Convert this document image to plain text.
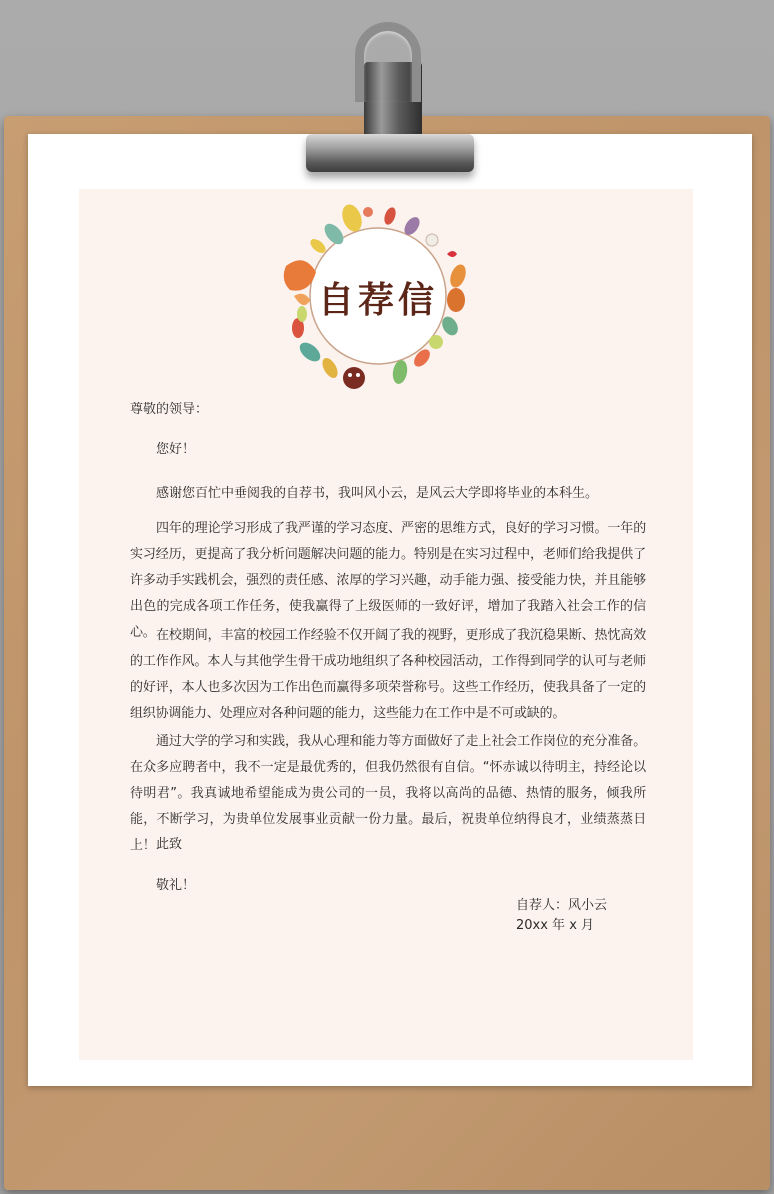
自荐信
尊敬的领导：
您好！
感谢您百忙中垂阅我的自荐书，我叫风小云，是风云大学即将毕业的本科生。
四年的理论学习形成了我严谨的学习态度、严密的思维方式，良好的学习习惯。一年的实习经历，更提高了我分析问题解决问题的能力。特别是在实习过程中，老师们给我提供了许多动手实践机会，强烈的责任感、浓厚的学习兴趣，动手能力强、接受能力快，并且能够出色的完成各项工作任务，使我赢得了上级医师的一致好评，增加了我踏入社会工作的信心。 在校期间，丰富的校园工作经验不仅开阔了我的视野，更形成了我沉稳果断、热忱高效的工作作风。本人与其他学生骨干成功地组织了各种校园活动，工作得到同学的认可与老师的好评，本人也多次因为工作出色而赢得多项荣誉称号。这些工作经历，使我具备了一定的组织协调能力、处理应对各种问题的能力，这些能力在工作中是不可或缺的。
通过大学的学习和实践，我从心理和能力等方面做好了走上社会工作岗位的充分准备。在众多应聘者中，我不一定是最优秀的，但我仍然很有自信。“怀赤诚以待明主，持经论以待明君”。我真诚地希望能成为贵公司的一员，我将以高尚的品德、热情的服务，倾我所能，不断学习，为贵单位发展事业贡献一份力量。最后，祝贵单位纳得良才，业绩蒸蒸日上！ 此致
敬礼！
自荐人：风小云
20xx 年 x 月
